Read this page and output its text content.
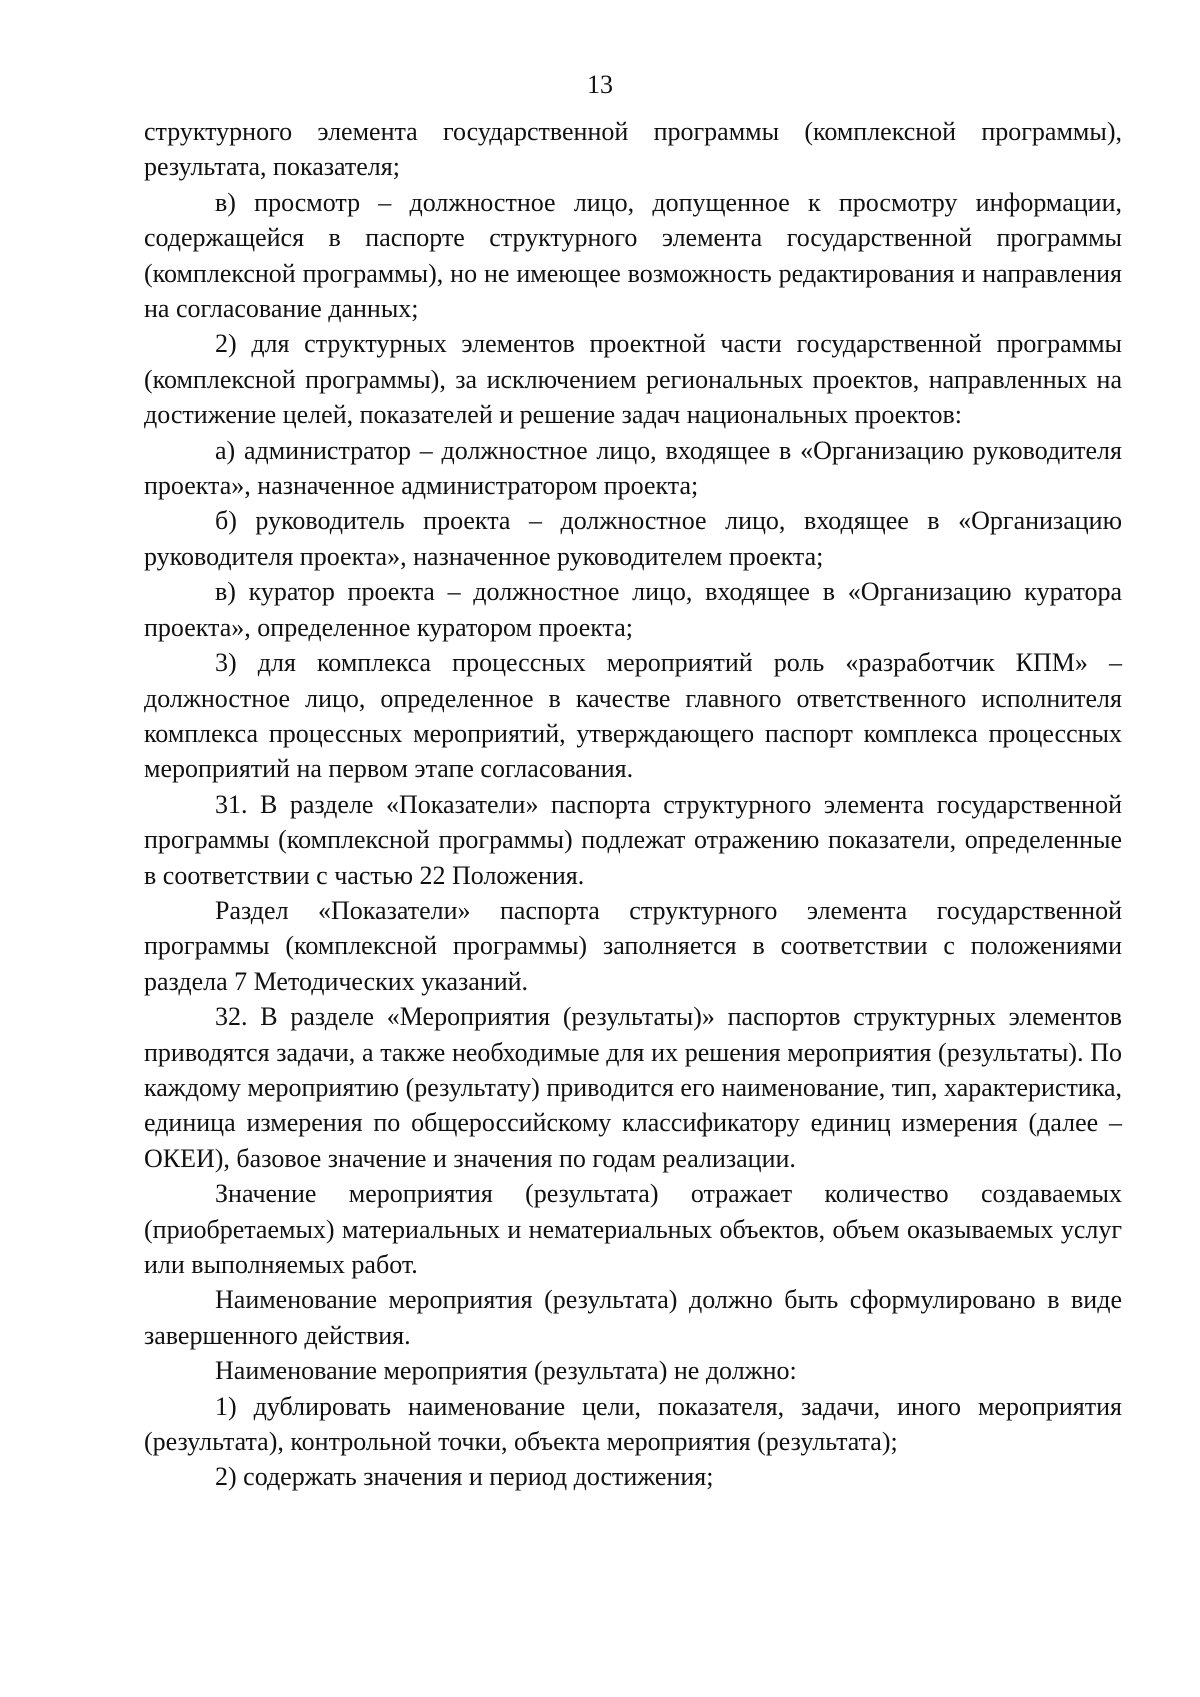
13

структурного элемента государственной программы (комплексной программы), результата, показателя;

в) просмотр – должностное лицо, допущенное к просмотру информации, содержащейся в паспорте структурного элемента государственной программы (комплексной программы), но не имеющее возможность редактирования и направления на согласование данных;

2) для структурных элементов проектной части государственной программы (комплексной программы), за исключением региональных проектов, направленных на достижение целей, показателей и решение задач национальных проектов:

а) администратор – должностное лицо, входящее в «Организацию руководителя проекта», назначенное администратором проекта;

б) руководитель проекта – должностное лицо, входящее в «Организацию руководителя проекта», назначенное руководителем проекта;

в) куратор проекта – должностное лицо, входящее в «Организацию куратора проекта», определенное куратором проекта;

3) для комплекса процессных мероприятий роль «разработчик КПМ» – должностное лицо, определенное в качестве главного ответственного исполнителя комплекса процессных мероприятий, утверждающего паспорт комплекса процессных мероприятий на первом этапе согласования.

31. В разделе «Показатели» паспорта структурного элемента государственной программы (комплексной программы) подлежат отражению показатели, определенные в соответствии с частью 22 Положения.

Раздел «Показатели» паспорта структурного элемента государственной программы (комплексной программы) заполняется в соответствии с положениями раздела 7 Методических указаний.

32. В разделе «Мероприятия (результаты)» паспортов структурных элементов приводятся задачи, а также необходимые для их решения мероприятия (результаты). По каждому мероприятию (результату) приводится его наименование, тип, характеристика, единица измерения по общероссийскому классификатору единиц измерения (далее – ОКЕИ), базовое значение и значения по годам реализации.

Значение мероприятия (результата) отражает количество создаваемых (приобретаемых) материальных и нематериальных объектов, объем оказываемых услуг или выполняемых работ.

Наименование мероприятия (результата) должно быть сформулировано в виде завершенного действия.

Наименование мероприятия (результата) не должно:

1) дублировать наименование цели, показателя, задачи, иного мероприятия (результата), контрольной точки, объекта мероприятия (результата);

2) содержать значения и период достижения;
